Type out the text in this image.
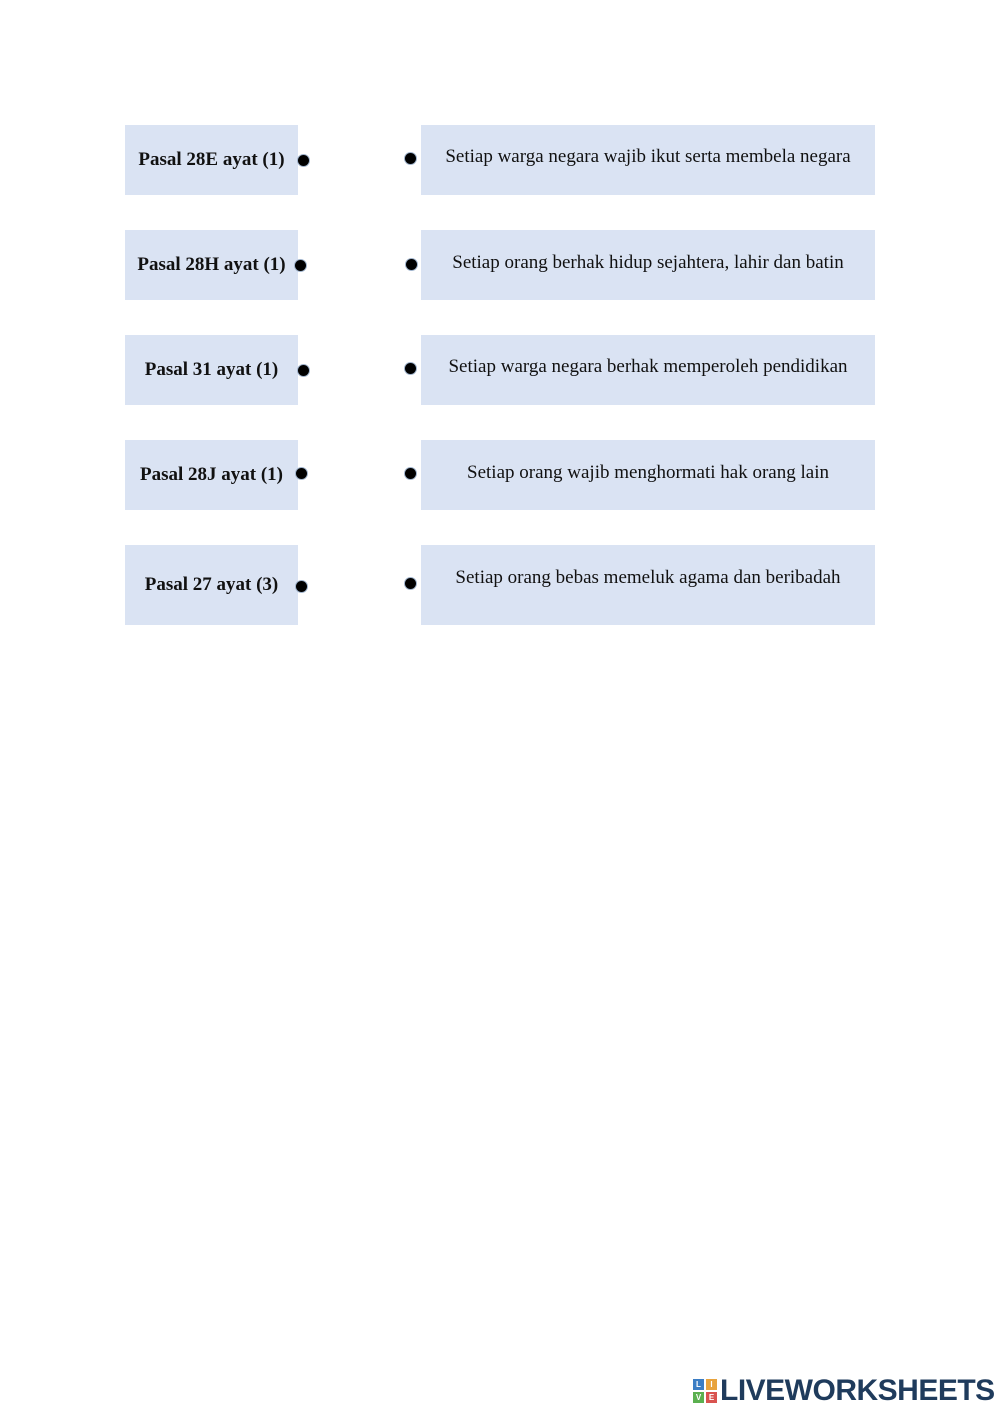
Pasal 28E ayat (1)	Setiap warga negara wajib ikut serta membela negara
Pasal 28H ayat (1)	Setiap orang berhak hidup sejahtera, lahir dan batin
Pasal 31 ayat (1)	Setiap warga negara berhak memperoleh pendidikan
Pasal 28J ayat (1)	Setiap orang wajib menghormati hak orang lain
Pasal 27 ayat (3)	Setiap orang bebas memeluk agama dan beribadah
L	I
V E LIVEWORKSHEETS
